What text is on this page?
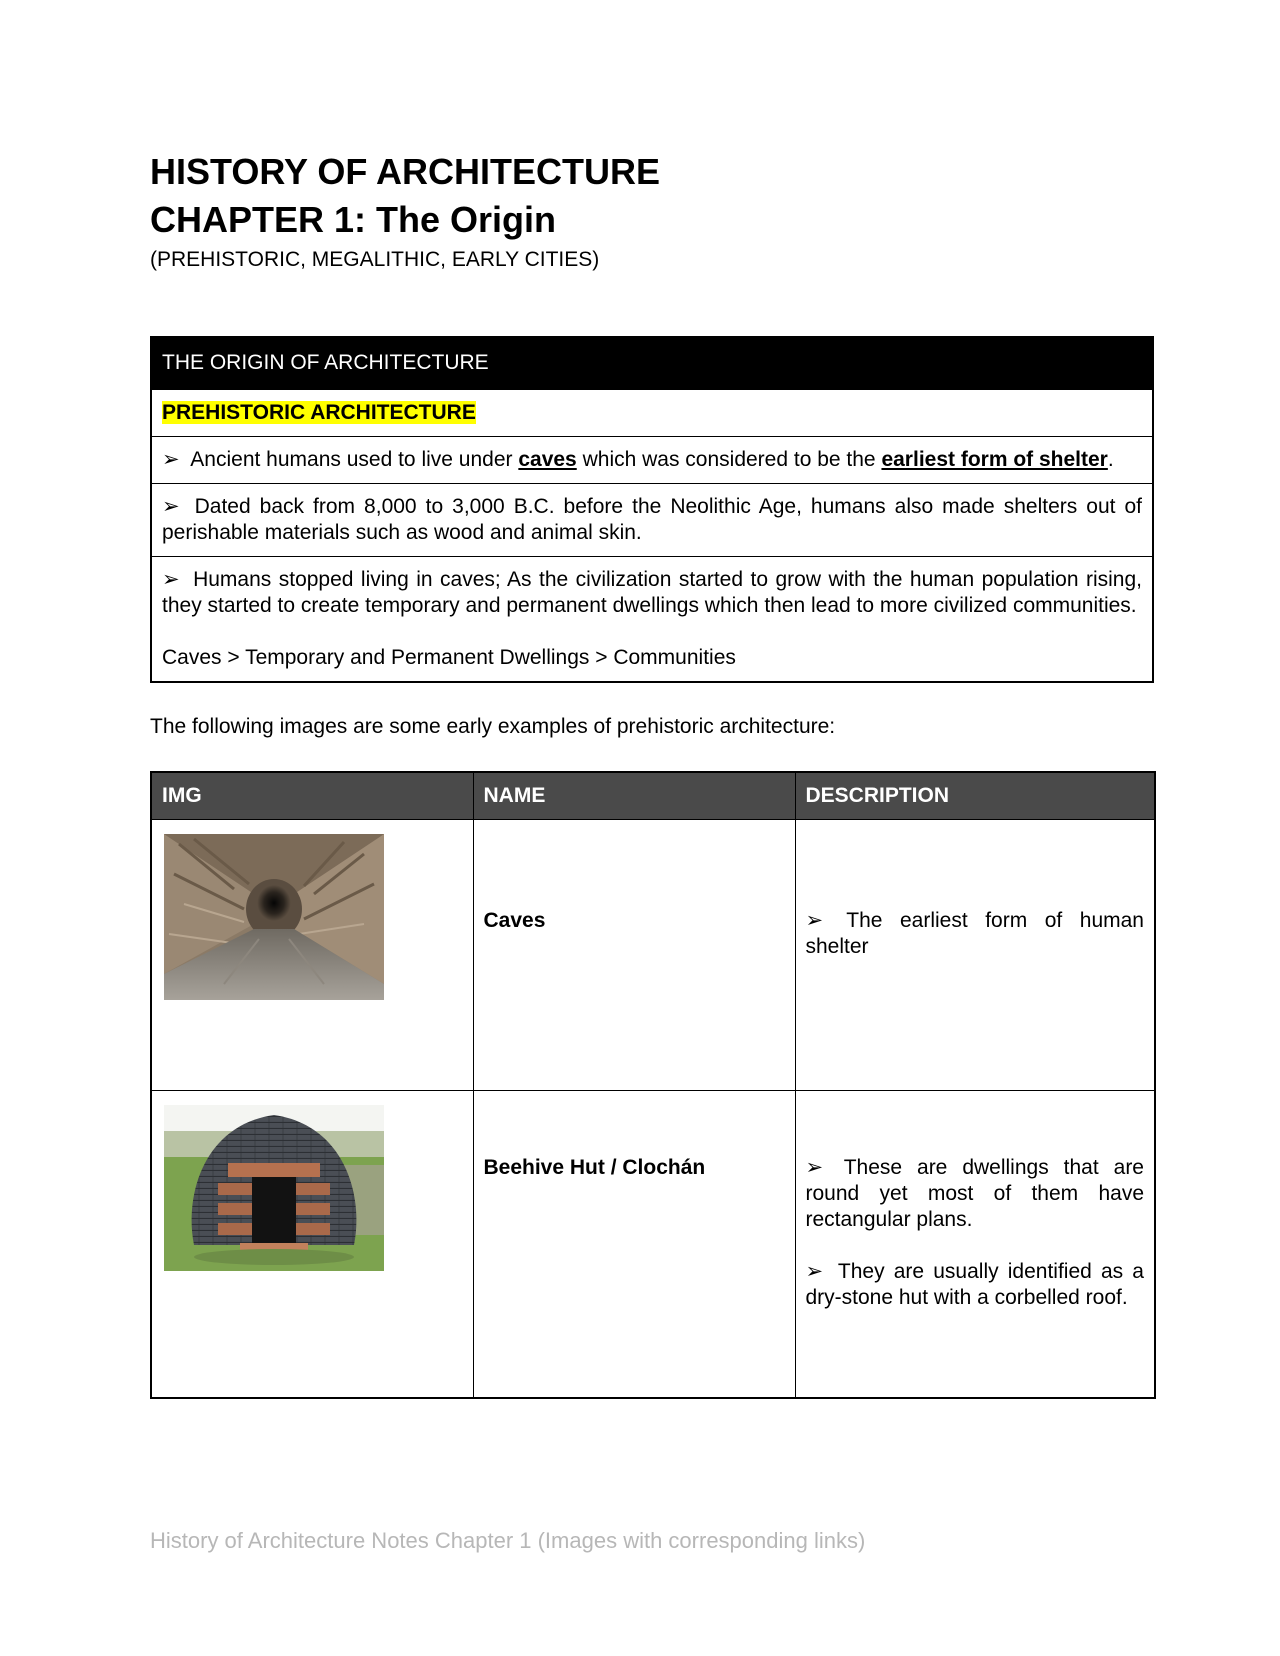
HISTORY OF ARCHITECTURE
CHAPTER 1: The Origin

(PREHISTORIC, MEGALITHIC, EARLY CITIES)

THE ORIGIN OF ARCHITECTURE
PREHISTORIC ARCHITECTURE
➢ Ancient humans used to live under caves which was considered to be the earliest form of shelter.
➢ Dated back from 8,000 to 3,000 B.C. before the Neolithic Age, humans also made shelters out of perishable materials such as wood and animal skin.
➢ Humans stopped living in caves; As the civilization started to grow with the human population rising, they started to create temporary and permanent dwellings which then lead to more civilized communities.
Caves > Temporary and Permanent Dwellings > Communities

The following images are some early examples of prehistoric architecture:

IMG	NAME	DESCRIPTION
	Caves	➢ The earliest form of human shelter
	Beehive Hut / Clochán	➢ These are dwellings that are round yet most of them have rectangular plans.
➢ They are usually identified as a dry-stone hut with a corbelled roof.
History of Architecture Notes Chapter 1 (Images with corresponding links)
